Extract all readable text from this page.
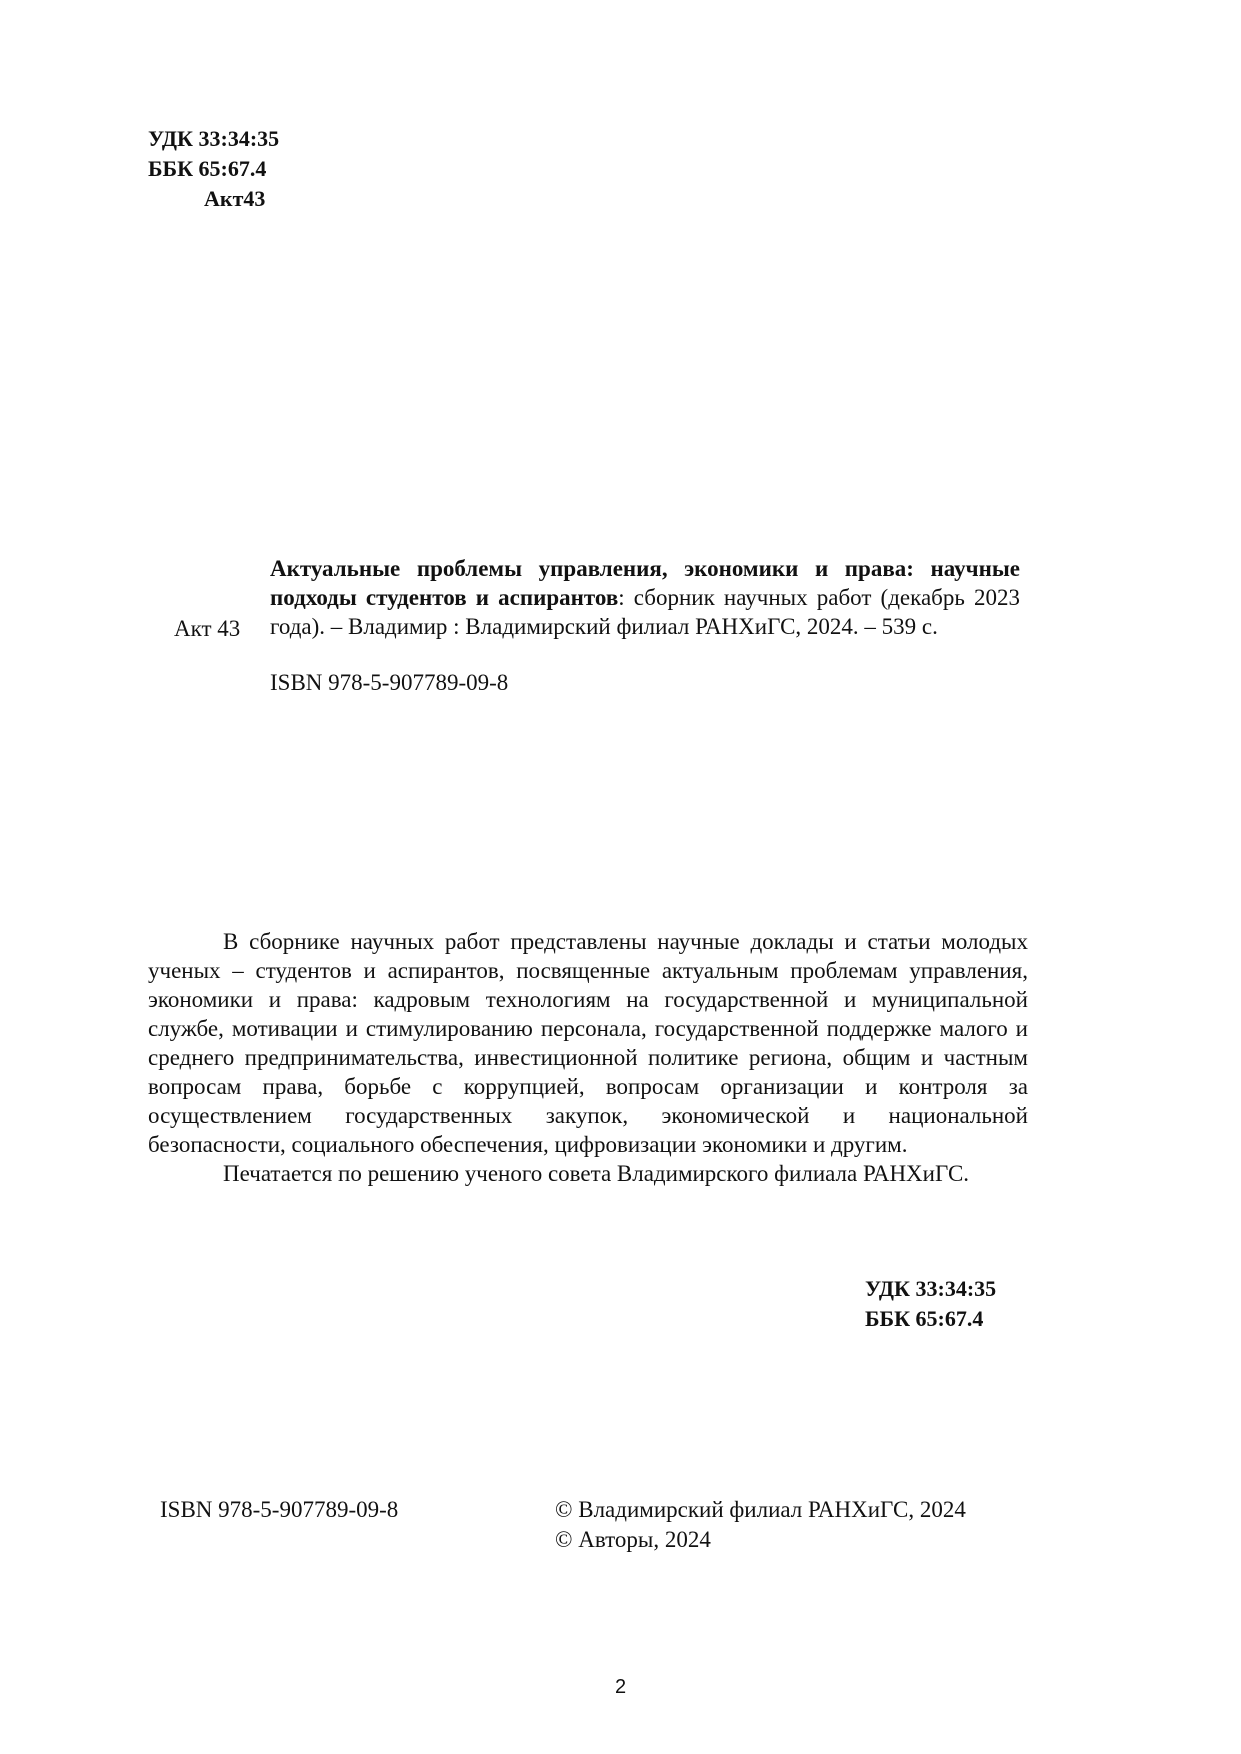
УДК 33:34:35
ББК 65:67.4
Акт43
Акт 43

Актуальные проблемы управления, экономики и права: научные подходы студентов и аспирантов: сборник научных работ (декабрь 2023 года). – Владимир : Владимирский филиал РАНХиГС, 2024. – 539 с.

ISBN 978-5-907789-09-8

В сборнике научных работ представлены научные доклады и статьи молодых ученых – студентов и аспирантов, посвященные актуальным проблемам управления, экономики и права: кадровым технологиям на государственной и муниципальной службе, мотивации и стимулированию персонала, государственной поддержке малого и среднего предпринимательства, инвестиционной политике региона, общим и частным вопросам права, борьбе с коррупцией, вопросам организации и контроля за осуществлением государственных закупок, экономической и национальной безопасности, социального обеспечения, цифровизации экономики и другим.

Печатается по решению ученого совета Владимирского филиала РАНХиГС.

УДК 33:34:35
ББК 65:67.4
ISBN 978-5-907789-09-8	© Владимирский филиал РАНХиГС, 2024
© Авторы, 2024
2
